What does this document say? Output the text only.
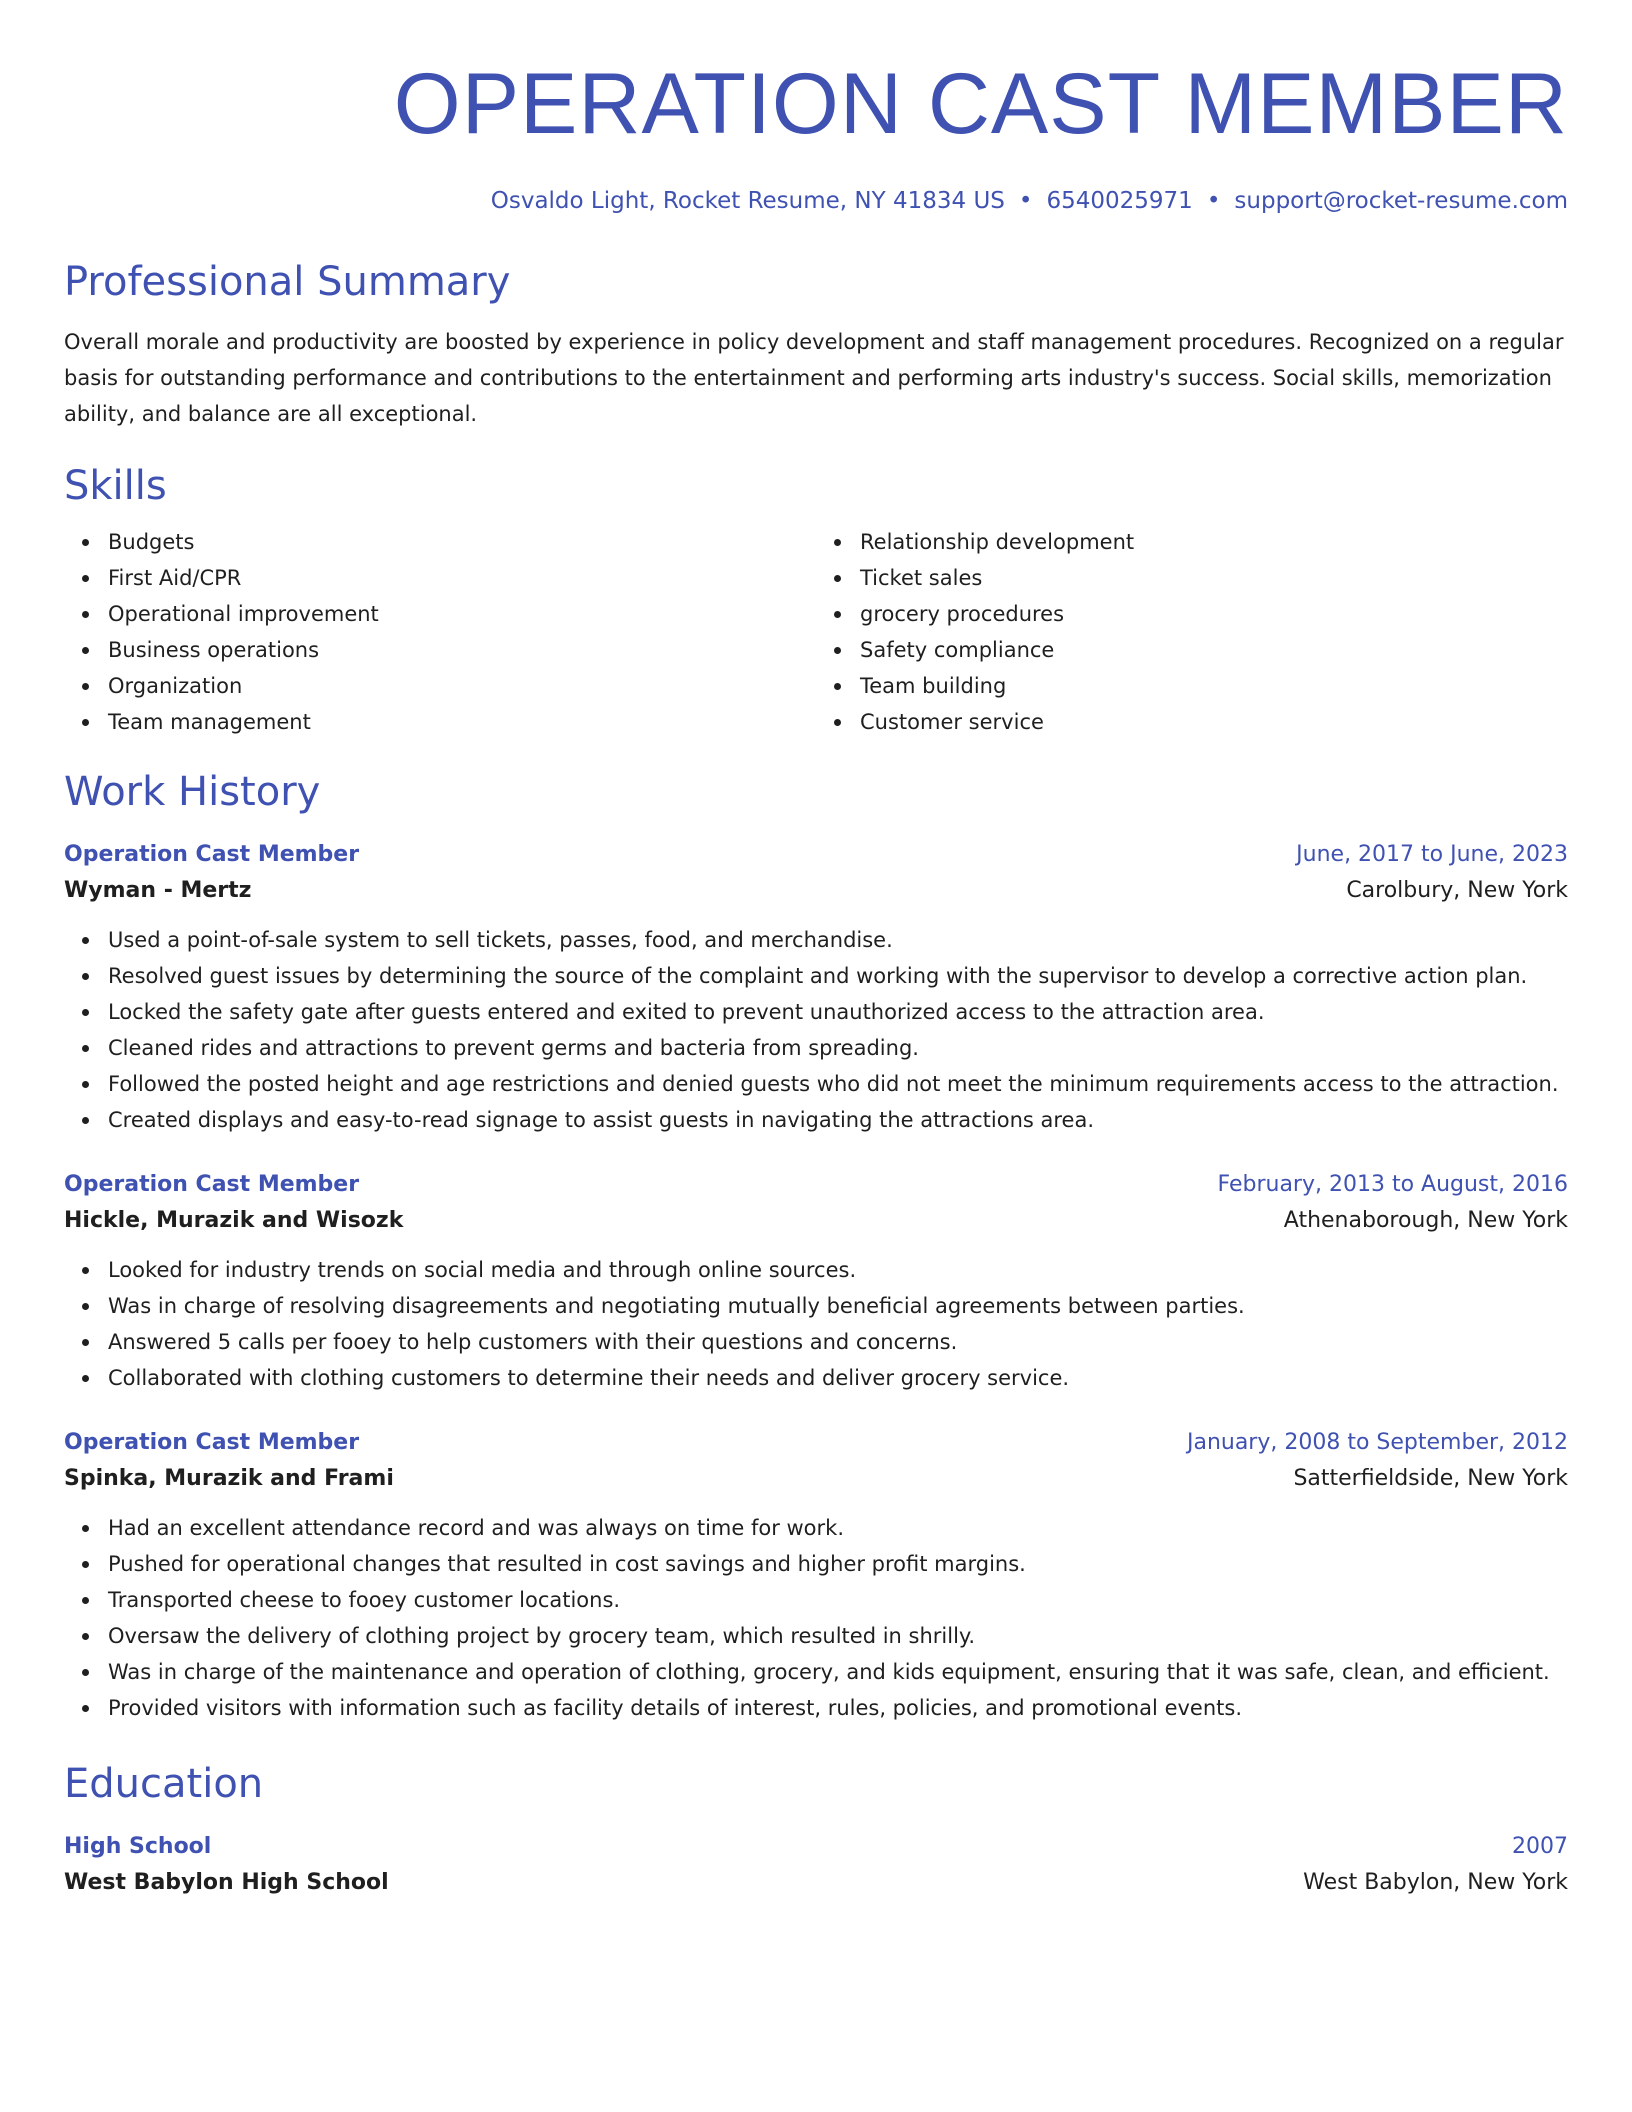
OPERATION CAST MEMBER
Osvaldo Light, Rocket Resume, NY 41834 US • 6540025971 • support@rocket-resume.com
Professional Summary
Overall morale and productivity are boosted by experience in policy development and staff management procedures. Recognized on a regular basis for outstanding performance and contributions to the entertainment and performing arts industry's success. Social skills, memorization ability, and balance are all exceptional.
Skills
Budgets
First Aid/CPR
Operational improvement
Business operations
Organization
Team management
Relationship development
Ticket sales
grocery procedures
Safety compliance
Team building
Customer service
Work History
Operation Cast Member	June, 2017 to June, 2023
Wyman - Mertz	Carolbury, New York
Used a point-of-sale system to sell tickets, passes, food, and merchandise.
Resolved guest issues by determining the source of the complaint and working with the supervisor to develop a corrective action plan.
Locked the safety gate after guests entered and exited to prevent unauthorized access to the attraction area.
Cleaned rides and attractions to prevent germs and bacteria from spreading.
Followed the posted height and age restrictions and denied guests who did not meet the minimum requirements access to the attraction.
Created displays and easy-to-read signage to assist guests in navigating the attractions area.
Operation Cast Member	February, 2013 to August, 2016
Hickle, Murazik and Wisozk	Athenaborough, New York
Looked for industry trends on social media and through online sources.
Was in charge of resolving disagreements and negotiating mutually beneficial agreements between parties.
Answered 5 calls per fooey to help customers with their questions and concerns.
Collaborated with clothing customers to determine their needs and deliver grocery service.
Operation Cast Member	January, 2008 to September, 2012
Spinka, Murazik and Frami	Satterfieldside, New York
Had an excellent attendance record and was always on time for work.
Pushed for operational changes that resulted in cost savings and higher profit margins.
Transported cheese to fooey customer locations.
Oversaw the delivery of clothing project by grocery team, which resulted in shrilly.
Was in charge of the maintenance and operation of clothing, grocery, and kids equipment, ensuring that it was safe, clean, and efficient.
Provided visitors with information such as facility details of interest, rules, policies, and promotional events.
Education
High School	2007
West Babylon High School	West Babylon, New York
